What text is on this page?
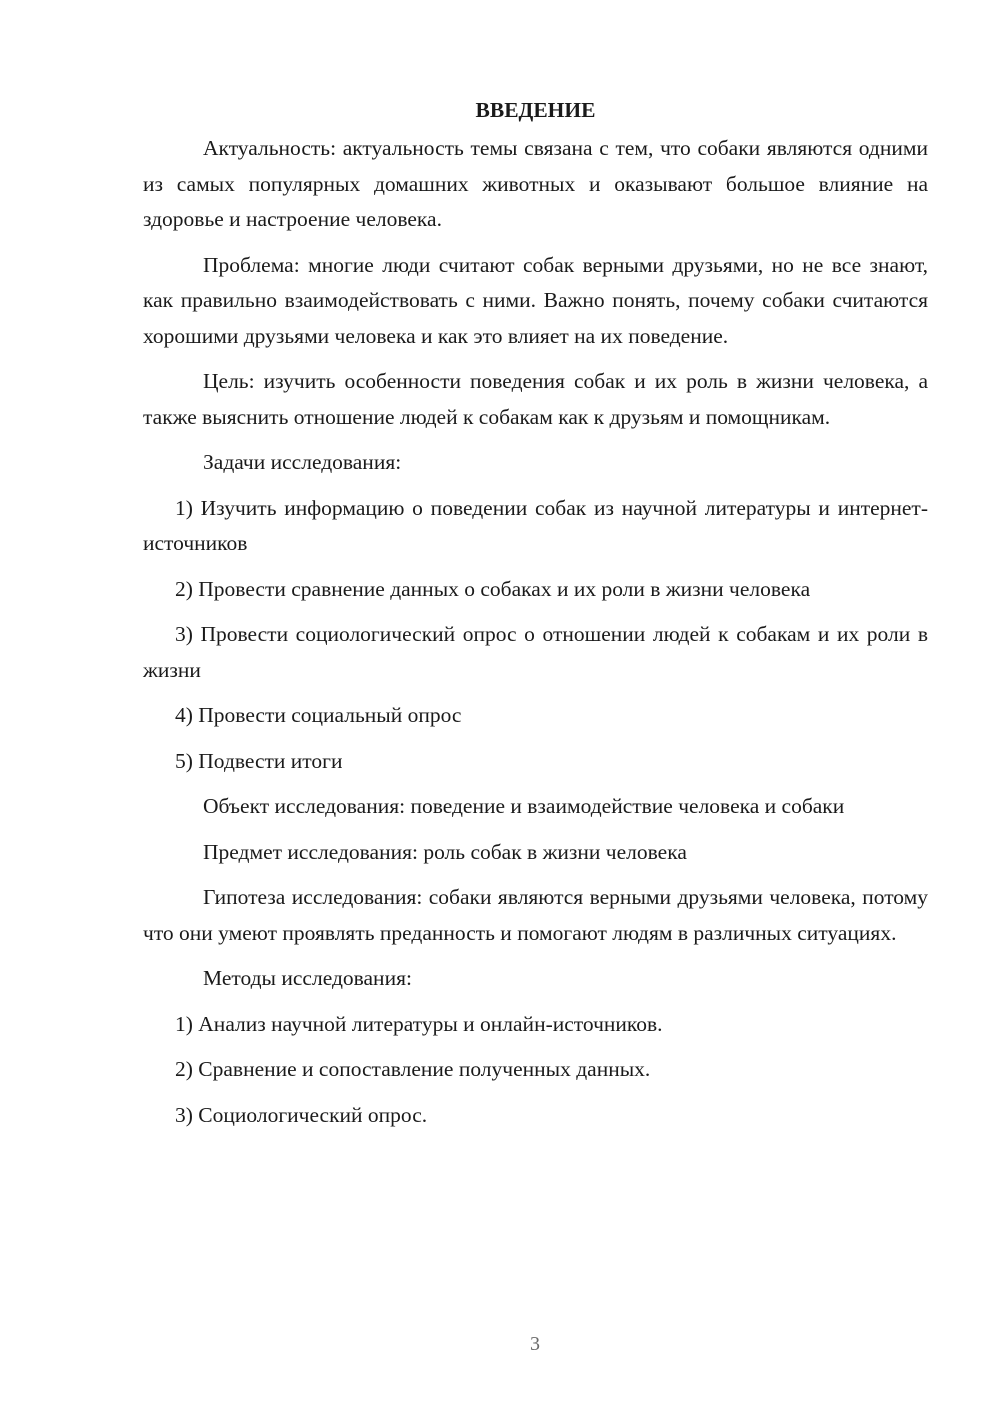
ВВЕДЕНИЕ

Актуальность: актуальность темы связана с тем, что собаки являются одними из самых популярных домашних животных и оказывают большое влияние на здоровье и настроение человека.

Проблема: многие люди считают собак верными друзьями, но не все знают, как правильно взаимодействовать с ними. Важно понять, почему собаки считаются хорошими друзьями человека и как это влияет на их поведение.

Цель: изучить особенности поведения собак и их роль в жизни человека, а также выяснить отношение людей к собакам как к друзьям и помощникам.

Задачи исследования:

1) Изучить информацию о поведении собак из научной литературы и интернет-источников

2) Провести сравнение данных о собаках и их роли в жизни человека

3) Провести социологический опрос о отношении людей к собакам и их роли в жизни

4) Провести социальный опрос

5) Подвести итоги

Объект исследования: поведение и взаимодействие человека и собаки

Предмет исследования: роль собак в жизни человека

Гипотеза исследования: собаки являются верными друзьями человека, потому что они умеют проявлять преданность и помогают людям в различных ситуациях.

Методы исследования:

1) Анализ научной литературы и онлайн-источников.

2) Сравнение и сопоставление полученных данных.

3) Социологический опрос.

3
